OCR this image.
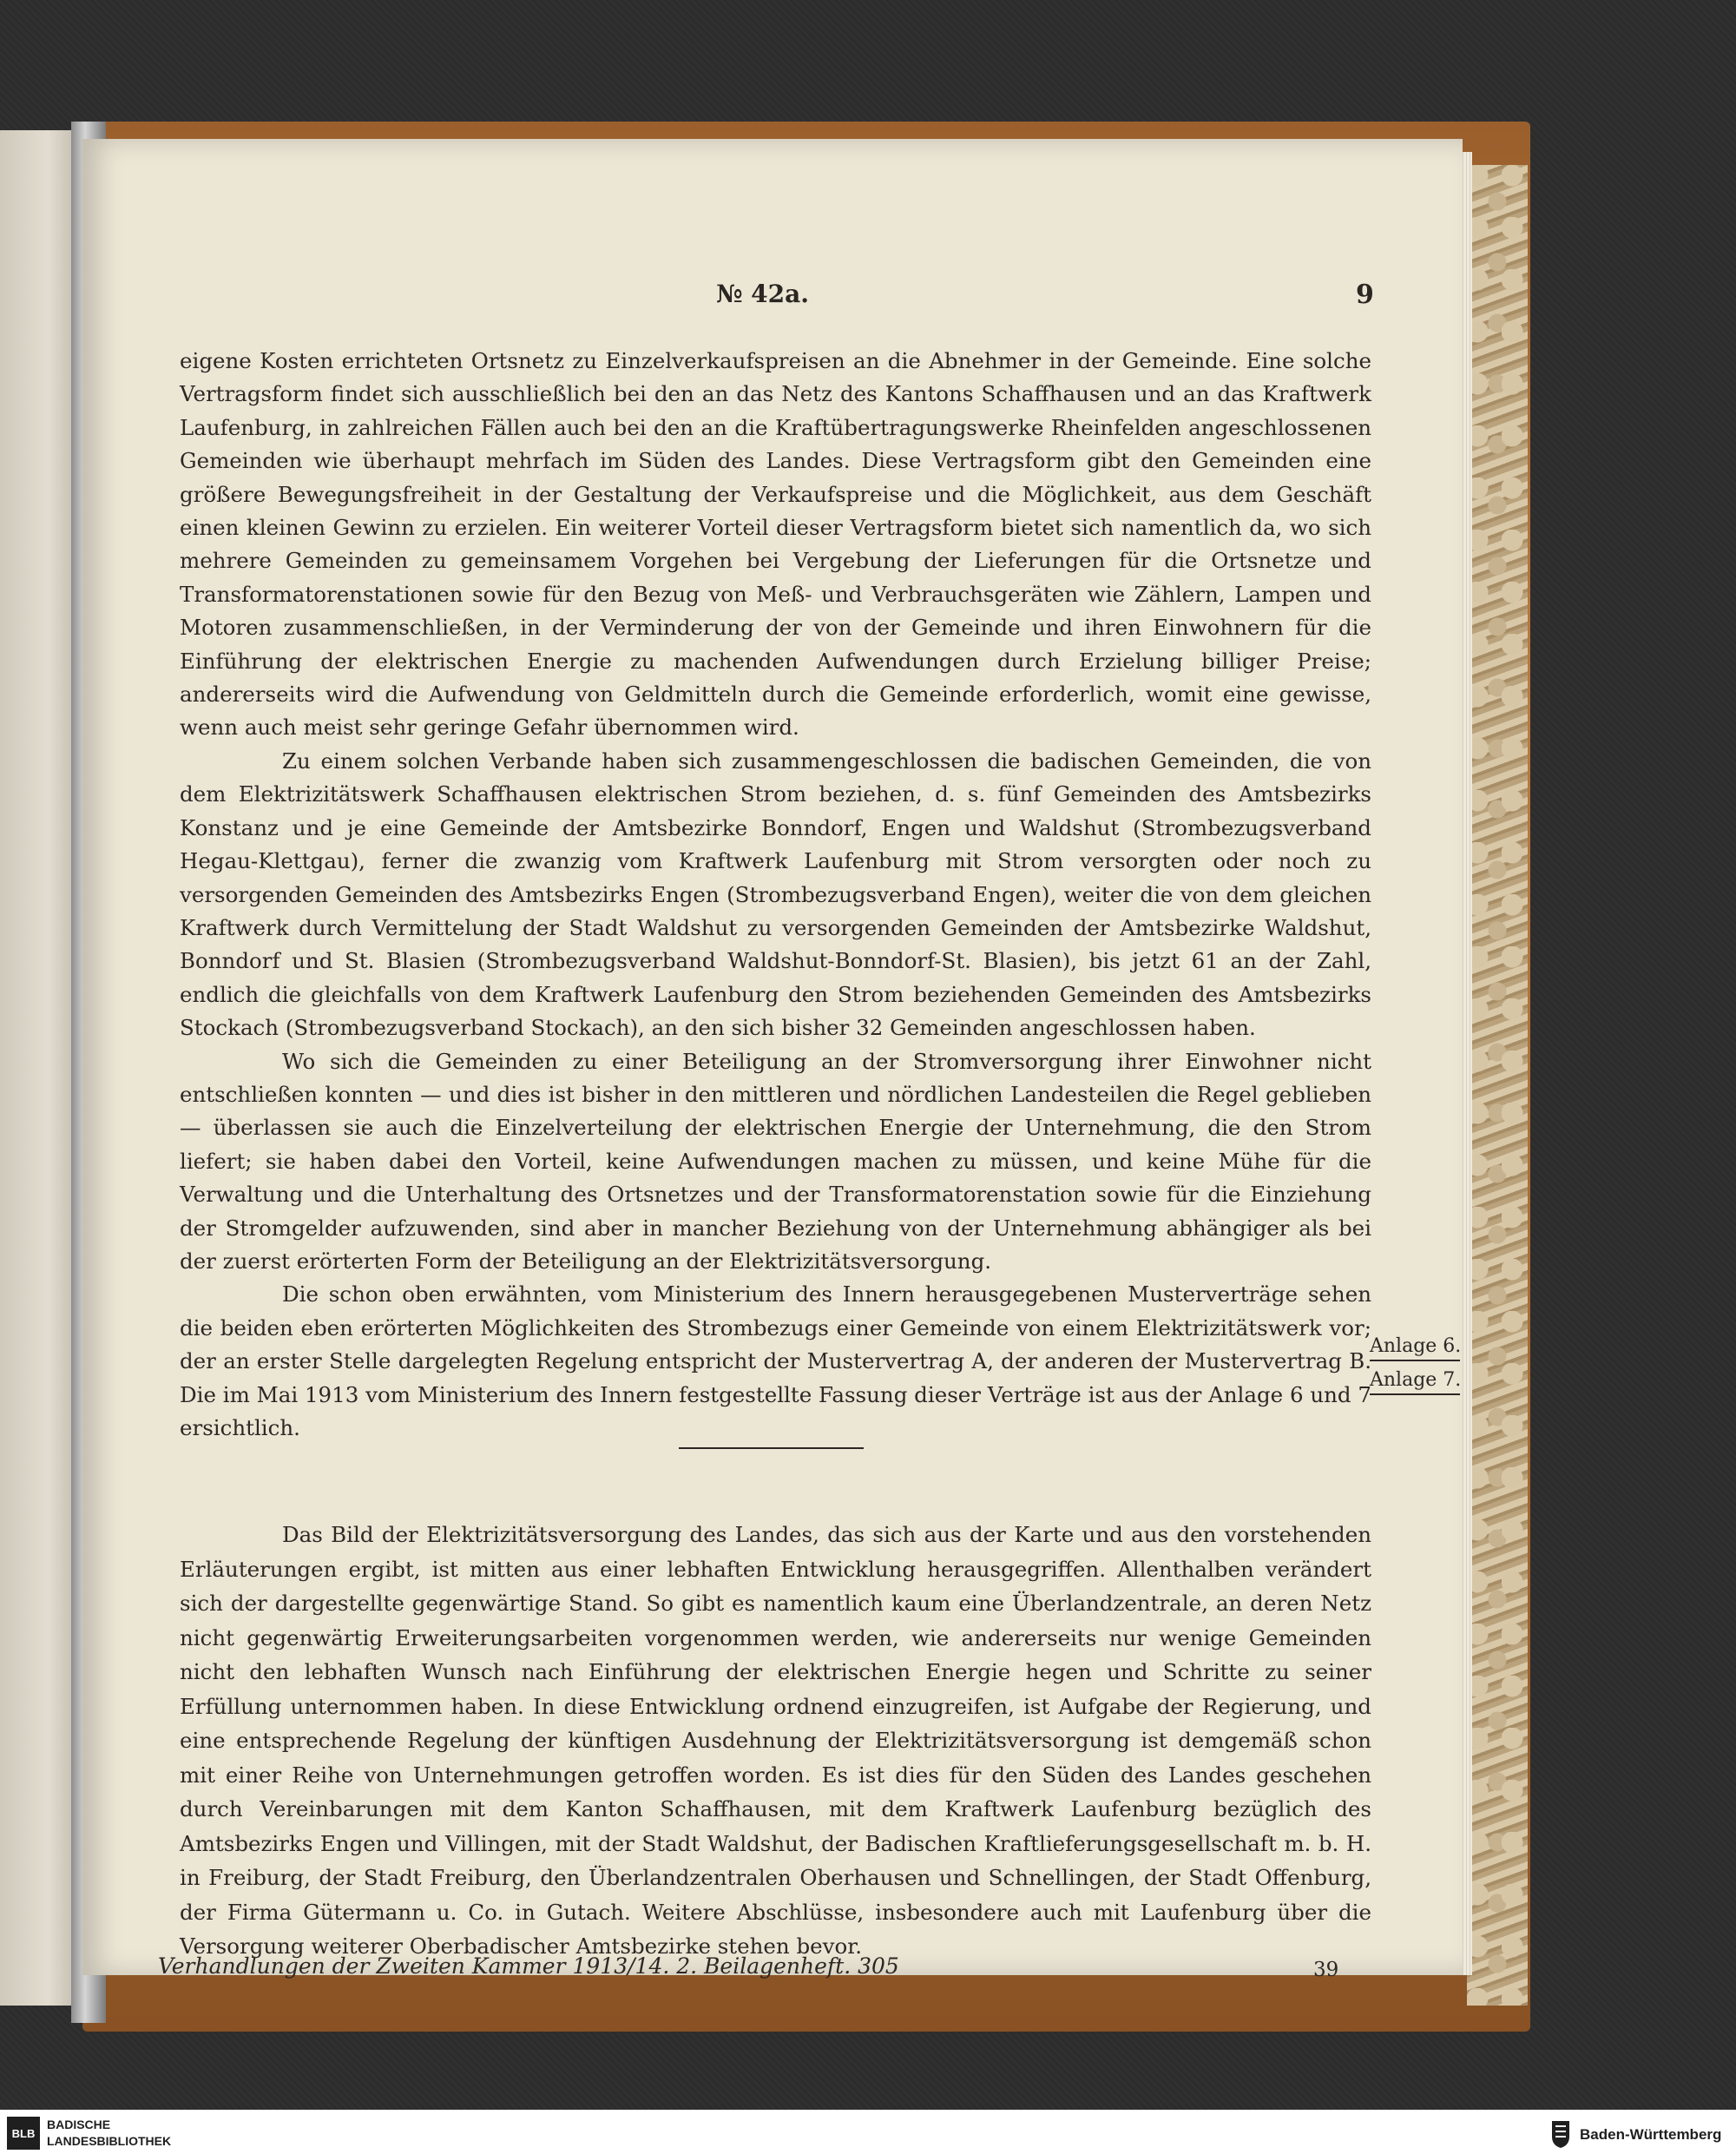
№ 42a.	9

eigene Kosten errichteten Ortsnetz zu Einzelverkaufspreisen an die Abnehmer in der Gemeinde. Eine solche Vertragsform findet sich ausschließlich bei den an das Netz des Kantons Schaffhausen und an das Kraftwerk Laufenburg, in zahlreichen Fällen auch bei den an die Kraftübertragungswerke Rheinfelden angeschlossenen Gemeinden wie überhaupt mehrfach im Süden des Landes. Diese Vertragsform gibt den Gemeinden eine größere Bewegungsfreiheit in der Gestaltung der Verkaufspreise und die Möglichkeit, aus dem Geschäft einen kleinen Gewinn zu erzielen. Ein weiterer Vorteil dieser Vertragsform bietet sich namentlich da, wo sich mehrere Gemeinden zu gemeinsamem Vorgehen bei Vergebung der Lieferungen für die Ortsnetze und Transformatorenstationen sowie für den Bezug von Meß- und Verbrauchsgeräten wie Zählern, Lampen und Motoren zusammenschließen, in der Verminderung der von der Gemeinde und ihren Einwohnern für die Einführung der elektrischen Energie zu machenden Aufwendungen durch Erzielung billiger Preise; andererseits wird die Aufwendung von Geldmitteln durch die Gemeinde erforderlich, womit eine gewisse, wenn auch meist sehr geringe Gefahr übernommen wird.

Zu einem solchen Verbande haben sich zusammengeschlossen die badischen Gemeinden, die von dem Elektrizitätswerk Schaffhausen elektrischen Strom beziehen, d. s. fünf Gemeinden des Amtsbezirks Konstanz und je eine Gemeinde der Amtsbezirke Bonndorf, Engen und Waldshut (Strombezugsverband Hegau-Klettgau), ferner die zwanzig vom Kraftwerk Laufenburg mit Strom versorgten oder noch zu versorgenden Gemeinden des Amtsbezirks Engen (Strombezugsverband Engen), weiter die von dem gleichen Kraftwerk durch Vermittelung der Stadt Waldshut zu versorgenden Gemeinden der Amtsbezirke Waldshut, Bonndorf und St. Blasien (Strombezugsverband Waldshut-Bonndorf-St. Blasien), bis jetzt 61 an der Zahl, endlich die gleichfalls von dem Kraftwerk Laufenburg den Strom beziehenden Gemeinden des Amtsbezirks Stockach (Strombezugsverband Stockach), an den sich bisher 32 Gemeinden angeschlossen haben.

Wo sich die Gemeinden zu einer Beteiligung an der Stromversorgung ihrer Einwohner nicht entschließen konnten — und dies ist bisher in den mittleren und nördlichen Landesteilen die Regel geblieben — überlassen sie auch die Einzelverteilung der elektrischen Energie der Unternehmung, die den Strom liefert; sie haben dabei den Vorteil, keine Aufwendungen machen zu müssen, und keine Mühe für die Verwaltung und die Unterhaltung des Ortsnetzes und der Transformatorenstation sowie für die Einziehung der Stromgelder aufzuwenden, sind aber in mancher Beziehung von der Unternehmung abhängiger als bei der zuerst erörterten Form der Beteiligung an der Elektrizitätsversorgung.

Die schon oben erwähnten, vom Ministerium des Innern herausgegebenen Musterverträge sehen die beiden eben erörterten Möglichkeiten des Strombezugs einer Gemeinde von einem Elektrizitätswerk vor; der an erster Stelle dargelegten Regelung entspricht der Mustervertrag A, der anderen der Mustervertrag B. Die im Mai 1913 vom Ministerium des Innern festgestellte Fassung dieser Verträge ist aus der Anlage 6 und 7 ersichtlich.

Anlage 6.
Anlage 7.
Das Bild der Elektrizitätsversorgung des Landes, das sich aus der Karte und aus den vorstehenden Erläuterungen ergibt, ist mitten aus einer lebhaften Entwicklung herausgegriffen. Allenthalben verändert sich der dargestellte gegenwärtige Stand. So gibt es namentlich kaum eine Überlandzentrale, an deren Netz nicht gegenwärtig Erweiterungsarbeiten vorgenommen werden, wie andererseits nur wenige Gemeinden nicht den lebhaften Wunsch nach Einführung der elektrischen Energie hegen und Schritte zu seiner Erfüllung unternommen haben. In diese Entwicklung ordnend einzugreifen, ist Aufgabe der Regierung, und eine entsprechende Regelung der künftigen Ausdehnung der Elektrizitätsversorgung ist demgemäß schon mit einer Reihe von Unternehmungen getroffen worden. Es ist dies für den Süden des Landes geschehen durch Vereinbarungen mit dem Kanton Schaffhausen, mit dem Kraftwerk Laufenburg bezüglich des Amtsbezirks Engen und Villingen, mit der Stadt Waldshut, der Badischen Kraftlieferungsgesellschaft m. b. H. in Freiburg, der Stadt Freiburg, den Überlandzentralen Oberhausen und Schnellingen, der Stadt Offenburg, der Firma Gütermann u. Co. in Gutach. Weitere Abschlüsse, insbesondere auch mit Laufenburg über die Versorgung weiterer Oberbadischer Amtsbezirke stehen bevor.
Verhandlungen der Zweiten Kammer 1913/14. 2. Beilagenheft. 305	39
BLB
BADISCHE
LANDESBIBLIOTHEK	Baden-Württemberg
